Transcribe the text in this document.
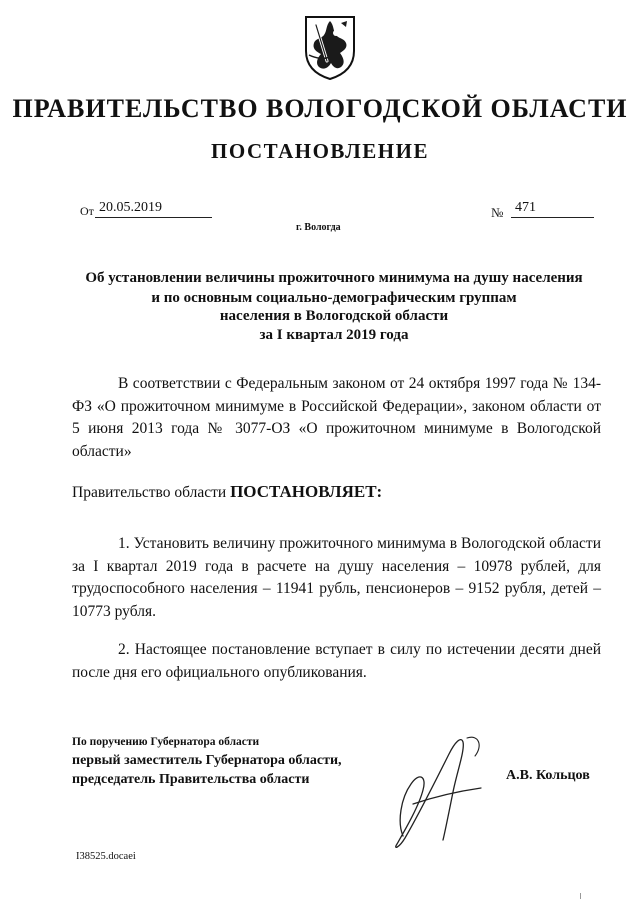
ПРАВИТЕЛЬСТВО ВОЛОГОДСКОЙ ОБЛАСТИ
ПОСТАНОВЛЕНИЕ
От 20.05.2019	№ 471
г. Вологда
Об установлении величины прожиточного минимума на душу населения
и по основным социально-демографическим группам
населения в Вологодской области
за I квартал 2019 года
В соответствии с Федеральным законом от 24 октября 1997 года № 134-ФЗ «О прожиточном минимуме в Российской Федерации», законом области от 5 июня 2013 года № 3077-ОЗ «О прожиточном минимуме в Вологодской области»
Правительство области ПОСТАНОВЛЯЕТ:
1. Установить величину прожиточного минимума в Вологодской области за I квартал 2019 года в расчете на душу населения – 10978 рублей, для трудоспособного населения – 11941 рубль, пенсионеров – 9152 рубля, детей – 10773 рубля.
2. Настоящее постановление вступает в силу по истечении десяти дней после дня его официального опубликования.
По поручению Губернатора области
первый заместитель Губернатора области,
председатель Правительства области	А.В. Кольцов
I38525.docaei
